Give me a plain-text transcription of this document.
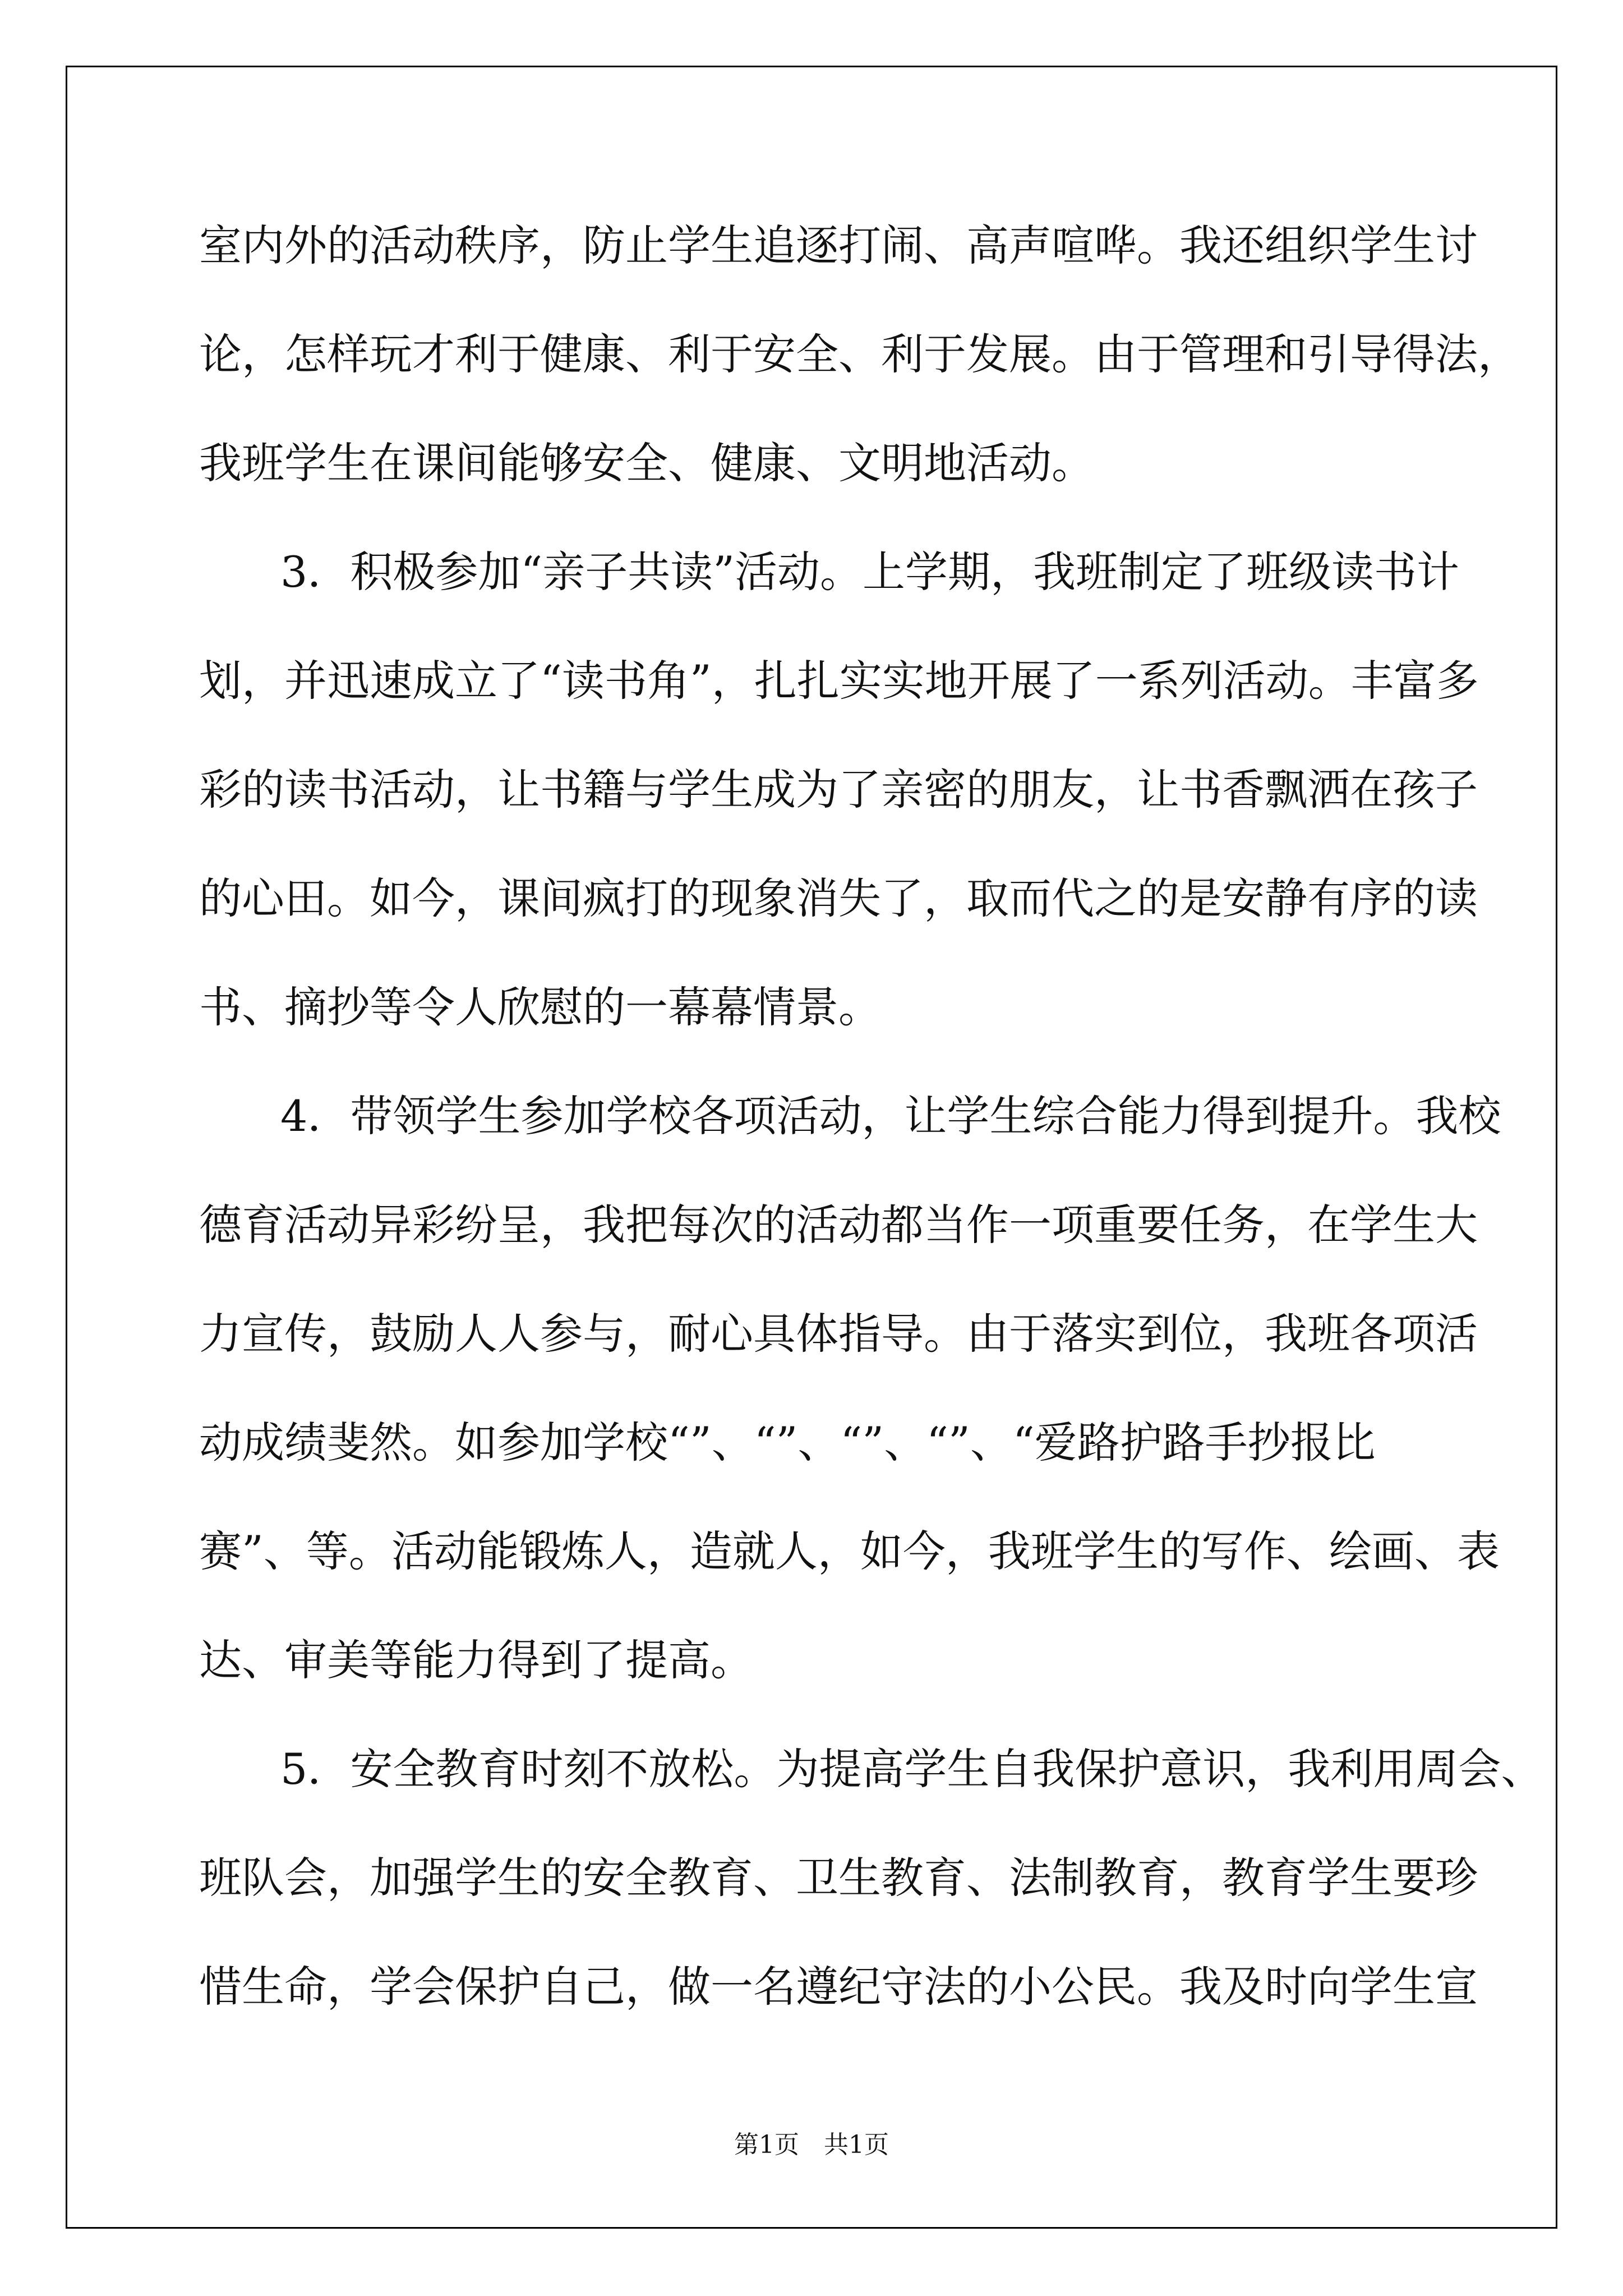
室内外的活动秩序，防止学生追逐打闹、高声喧哗。我还组织学生讨
论，怎样玩才利于健康、利于安全、利于发展。由于管理和引导得法，
我班学生在课间能够安全、健康、文明地活动。
3．积极参加“亲子共读”活动。上学期，我班制定了班级读书计
划，并迅速成立了“读书角”，扎扎实实地开展了一系列活动。丰富多
彩的读书活动，让书籍与学生成为了亲密的朋友，让书香飘洒在孩子
的心田。如今，课间疯打的现象消失了，取而代之的是安静有序的读
书、摘抄等令人欣慰的一幕幕情景。
4．带领学生参加学校各项活动，让学生综合能力得到提升。我校
德育活动异彩纷呈，我把每次的活动都当作一项重要任务，在学生大
力宣传，鼓励人人参与，耐心具体指导。由于落实到位，我班各项活
动成绩斐然。如参加学校“”、“”、“”、“”、“爱路护路手抄报比
赛”、等。活动能锻炼人，造就人，如今，我班学生的写作、绘画、表
达、审美等能力得到了提高。
5．安全教育时刻不放松。为提高学生自我保护意识，我利用周会、
班队会，加强学生的安全教育、卫生教育、法制教育，教育学生要珍
惜生命，学会保护自己，做一名遵纪守法的小公民。我及时向学生宣
第1页　共1页
